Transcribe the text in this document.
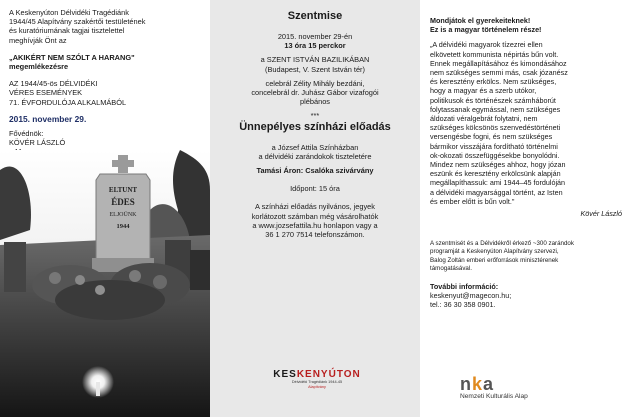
A Keskenyúton Délvidéki Tragédiánk

1944/45 Alapítvány szakértői testületének

és kuratóriumának tagjai tisztelettel

meghívják Önt az

„AKIKÉRT NEM SZÓLT A HARANG"

megemlékezésre

AZ 1944/45-ös DÉLVIDÉKI

VÉRES ESEMÉNYEK

71. ÉVFORDULÓJA ALKALMÁBÓL

2015. november 29.

Fővédnök:

KÖVÉR LÁSZLÓ

ELTUNT
ÉDES
ELJOÜNK
1944

Szentmise

2015. november 29-én

13 óra 15 perckor

a SZENT ISTVÁN BAZILIKÁBAN

(Budapest, V. Szent István tér)

celebrál Zélity Mihály bezdáni,

concelebrál dr. Juhász Gábor vizafogói

plébános

***

Ünnepélyes színházi előadás

a József Attila Színházban

a délvidéki zarándokok tiszteletére

Tamási Áron: Csalóka szivárvány

Időpont: 15 óra

A színházi előadás nyilvános, jegyek

korlátozott számban még vásárolhatók

a www.jozsefattila.hu honlapon vagy a

36 1 270 7514 telefonszámon.

KESKENYÚTON
Délvidéki Tragédiánk 1944-45
Alapítvány

Mondjátok el gyerekeiteknek!

Ez is a magyar történelem része!

„A délvidéki magyarok tízezrei ellen

elkövetett kommunista népirtás bűn volt.

Ennek megállapításához és kimondásához

nem szükséges semmi más, csak józanész

és keresztény erkölcs. Nem szükséges,

hogy a magyar és a szerb utókor,

politikusok és történészek számháborút

folytassanak egymással, nem szükséges

áldozati véralgebrát folytatni, nem

szükséges kölcsönös szenvedéstörténeti

versengésbe fogni, és nem szükséges

bármikor visszájára fordítható történelmi

ok-okozati összefüggésekbe bonyolódni.

Mindez nem szükséges ahhoz, hogy józan

eszünk és keresztény erkölcsünk alapján

megállapíthassuk: ami 1944–45 fordulóján

a délvidéki magyarsággal történt, az Isten

és ember előtt is bűn volt."

Kövér László

A szentmisét és a Délvidékről érkező ~300 zarándok

programját a Keskenyúton Alapítvány szervezi,

Balog Zoltán emberi erőforrások minisztérenek

támogatásával.

További információ:

keskenyut@magecon.hu;

tel.: 36 30 358 0901.

nka
Nemzeti Kulturális Alap
